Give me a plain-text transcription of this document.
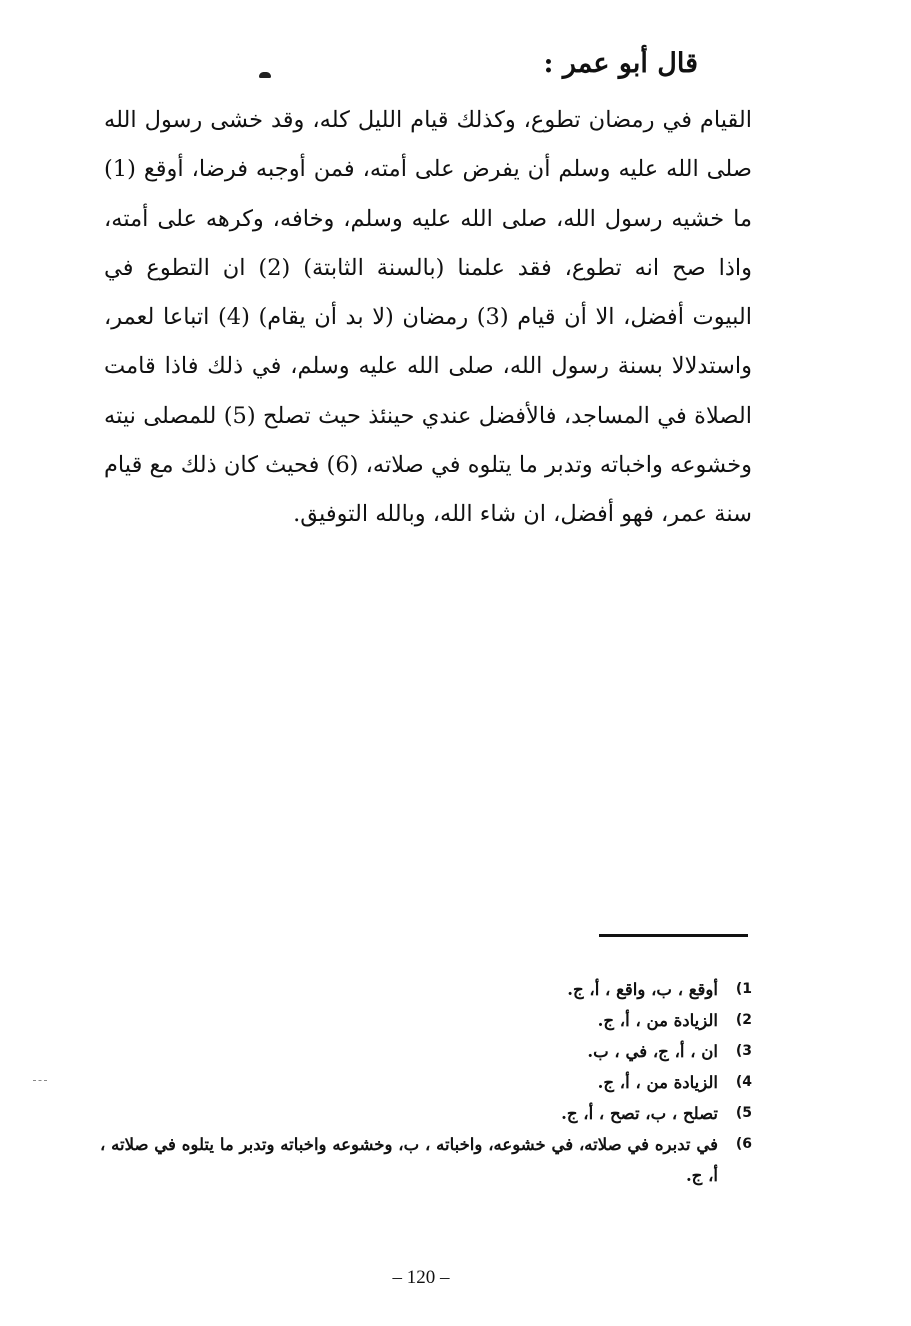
قال أبو عمر :

القيام في رمضان تطوع، وكذلك قيام الليل كله، وقد خشى رسول الله صلى الله عليه وسلم أن يفرض على أمته، فمن أوجبه فرضا، أوقع (1) ما خشيه رسول الله، صلى الله عليه وسلم، وخافه، وكرهه على أمته، واذا صح انه تطوع، فقد علمنا (بالسنة الثابتة) (2) ان التطوع في البيوت أفضل، الا أن قيام (3) رمضان (لا بد أن يقام) (4) اتباعا لعمر، واستدلالا بسنة رسول الله، صلى الله عليه وسلم، في ذلك فاذا قامت الصلاة في المساجد، فالأفضل عندي حينئذ حيث تصلح (5) للمصلى نيته وخشوعه واخباته وتدبر ما يتلوه في صلاته، (6) فحيث كان ذلك مع قيام سنة عمر، فهو أفضل، ان شاء الله، وبالله التوفيق.

1)
أوقع ، ب، واقع ، أ، ج.
2)
الزيادة من ، أ، ج.
3)
ان ، أ، ج، في ، ب.
4)
الزيادة من ، أ، ج.
5)
تصلح ، ب، تصح ، أ، ج.
6)
في تدبره في صلاته، في خشوعه، واخباته ، ب، وخشوعه واخباته وتدبر ما يتلوه في صلاته ، أ، ج.
– 120 –
